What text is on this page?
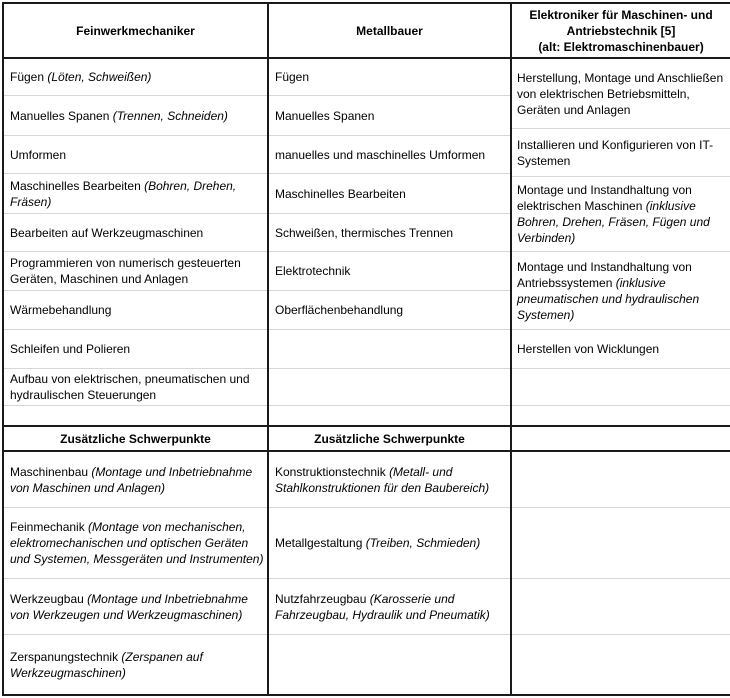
Feinwerkmechaniker
Fügen (Löten, Schweißen)
Manuelles Spanen (Trennen, Schneiden)
Umformen
Maschinelles Bearbeiten (Bohren, Drehen, Fräsen)
Bearbeiten auf Werkzeugmaschinen
Programmieren von numerisch gesteuerten Geräten, Maschinen und Anlagen
Wärmebehandlung
Schleifen und Polieren
Aufbau von elektrischen, pneumatischen und hydraulischen Steuerungen
Zusätzliche Schwerpunkte
Maschinenbau (Montage und Inbetriebnahme von Maschinen und Anlagen)
Feinmechanik (Montage von mechanischen, elektromechanischen und optischen Geräten und Systemen, Messgeräten und Instrumenten)
Werkzeugbau (Montage und Inbetriebnahme von Werkzeugen und Werkzeugmaschinen)
Zerspanungstechnik (Zerspanen auf Werkzeugmaschinen)
Metallbauer
Fügen
Manuelles Spanen
manuelles und maschinelles Umformen
Maschinelles Bearbeiten
Schweißen, thermisches Trennen
Elektrotechnik
Oberflächenbehandlung
Zusätzliche Schwerpunkte
Konstruktionstechnik (Metall- und Stahlkonstruktionen für den Baubereich)
Metallgestaltung (Treiben, Schmieden)
Nutzfahrzeugbau (Karosserie und Fahrzeugbau, Hydraulik und Pneumatik)
Elektroniker für Maschinen- und
Antriebstechnik [5]
(alt: Elektromaschinenbauer)
Herstellung, Montage und Anschließen von elektrischen Betriebsmitteln, Geräten und Anlagen
Installieren und Konfigurieren von IT-Systemen
Montage und Instandhaltung von elektrischen Maschinen (inklusive Bohren, Drehen, Fräsen, Fügen und Verbinden)
Montage und Instandhaltung von Antriebssystemen (inklusive pneumatischen und hydraulischen Systemen)
Herstellen von Wicklungen
